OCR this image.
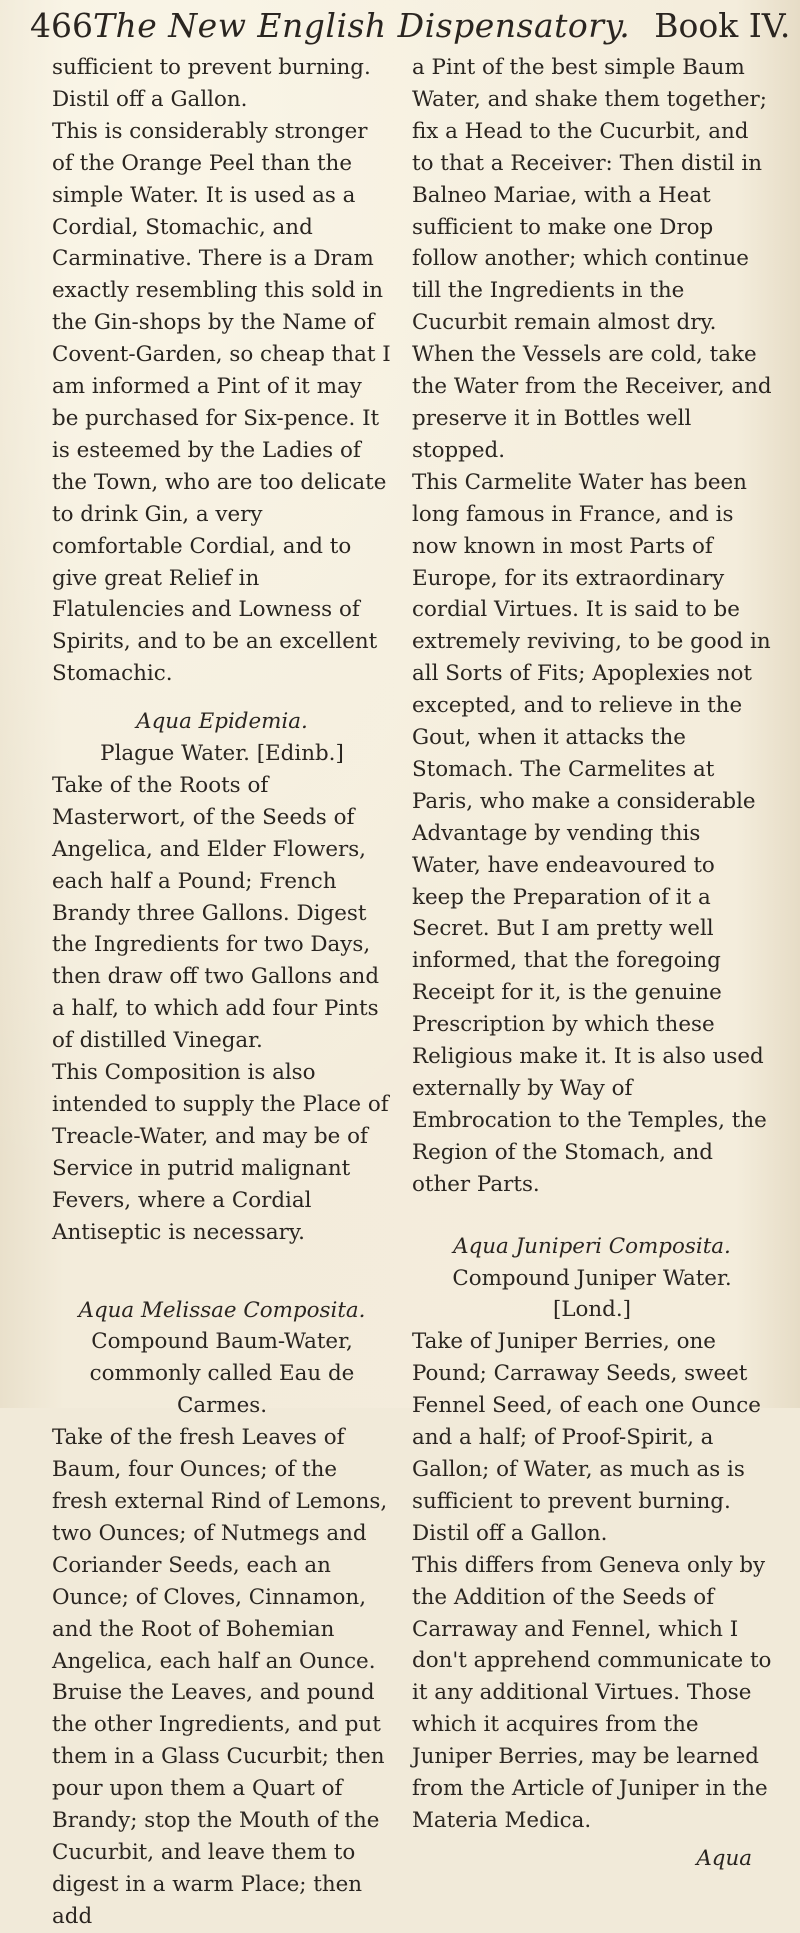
466 The New English Dispensatory. Book IV.

sufficient to prevent burning. Distil off a Gallon.

This is considerably stronger of the Orange Peel than the simple Water. It is used as a Cordial, Stomachic, and Carminative. There is a Dram exactly resembling this sold in the Gin-shops by the Name of Covent-Garden, so cheap that I am informed a Pint of it may be purchased for Six-pence. It is esteemed by the Ladies of the Town, who are too delicate to drink Gin, a very comfortable Cordial, and to give great Relief in Flatulencies and Lowness of Spirits, and to be an excellent Stomachic.

Aqua Epidemia.

Plague Water. [Edinb.]

Take of the Roots of Masterwort, of the Seeds of Angelica, and Elder Flowers, each half a Pound; French Brandy three Gallons. Digest the Ingredients for two Days, then draw off two Gallons and a half, to which add four Pints of distilled Vinegar.

This Composition is also intended to supply the Place of Treacle-Water, and may be of Service in putrid malignant Fevers, where a Cordial Antiseptic is necessary.

Aqua Melissae Composita.

Compound Baum-Water, commonly called Eau de Carmes.

Take of the fresh Leaves of Baum, four Ounces; of the fresh external Rind of Lemons, two Ounces; of Nutmegs and Coriander Seeds, each an Ounce; of Cloves, Cinnamon, and the Root of Bohemian Angelica, each half an Ounce. Bruise the Leaves, and pound the other Ingredients, and put them in a Glass Cucurbit; then pour upon them a Quart of Brandy; stop the Mouth of the Cucurbit, and leave them to digest in a warm Place; then add

a Pint of the best simple Baum Water, and shake them together; fix a Head to the Cucurbit, and to that a Receiver: Then distil in Balneo Mariae, with a Heat sufficient to make one Drop follow another; which continue till the Ingredients in the Cucurbit remain almost dry. When the Vessels are cold, take the Water from the Receiver, and preserve it in Bottles well stopped.

This Carmelite Water has been long famous in France, and is now known in most Parts of Europe, for its extraordinary cordial Virtues. It is said to be extremely reviving, to be good in all Sorts of Fits; Apoplexies not excepted, and to relieve in the Gout, when it attacks the Stomach. The Carmelites at Paris, who make a considerable Advantage by vending this Water, have endeavoured to keep the Preparation of it a Secret. But I am pretty well informed, that the foregoing Receipt for it, is the genuine Prescription by which these Religious make it. It is also used externally by Way of Embrocation to the Temples, the Region of the Stomach, and other Parts.

Aqua Juniperi Composita.

Compound Juniper Water. [Lond.]

Take of Juniper Berries, one Pound; Carraway Seeds, sweet Fennel Seed, of each one Ounce and a half; of Proof-Spirit, a Gallon; of Water, as much as is sufficient to prevent burning. Distil off a Gallon.

This differs from Geneva only by the Addition of the Seeds of Carraway and Fennel, which I don't apprehend communicate to it any additional Virtues. Those which it acquires from the Juniper Berries, may be learned from the Article of Juniper in the Materia Medica.

Aqua
